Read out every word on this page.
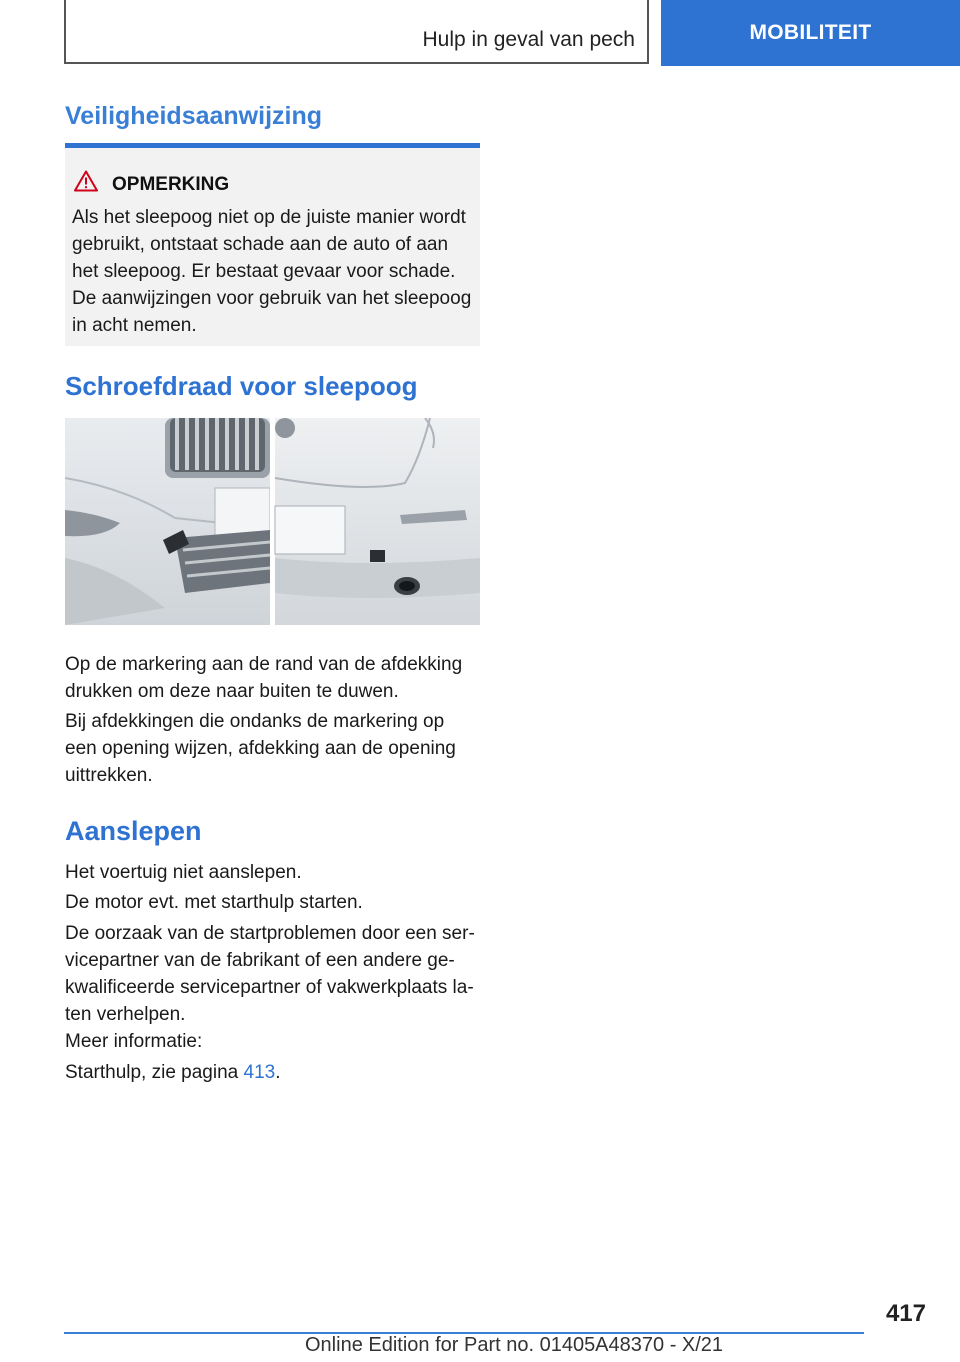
Hulp in geval van pech	MOBILITEIT
Veiligheidsaanwijzing
OPMERKING

Als het sleepoog niet op de juiste manier wordt

gebruikt, ontstaat schade aan de auto of aan

het sleepoog. Er bestaat gevaar voor schade.

De aanwijzingen voor gebruik van het sleepoog

in acht nemen.

Schroefdraad voor sleepoog
Op de markering aan de rand van de afdekking
drukken om deze naar buiten te duwen.
Bij afdekkingen die ondanks de markering op
een opening wijzen, afdekking aan de opening
uittrekken.
Aanslepen
Het voertuig niet aanslepen.
De motor evt. met starthulp starten.
De oorzaak van de startproblemen door een ser-
vicepartner van de fabrikant of een andere ge-
kwalificeerde servicepartner of vakwerkplaats la-
ten verhelpen.
Meer informatie:
Starthulp, zie pagina 413.
417
Online Edition for Part no. 01405A48370 - X/21
